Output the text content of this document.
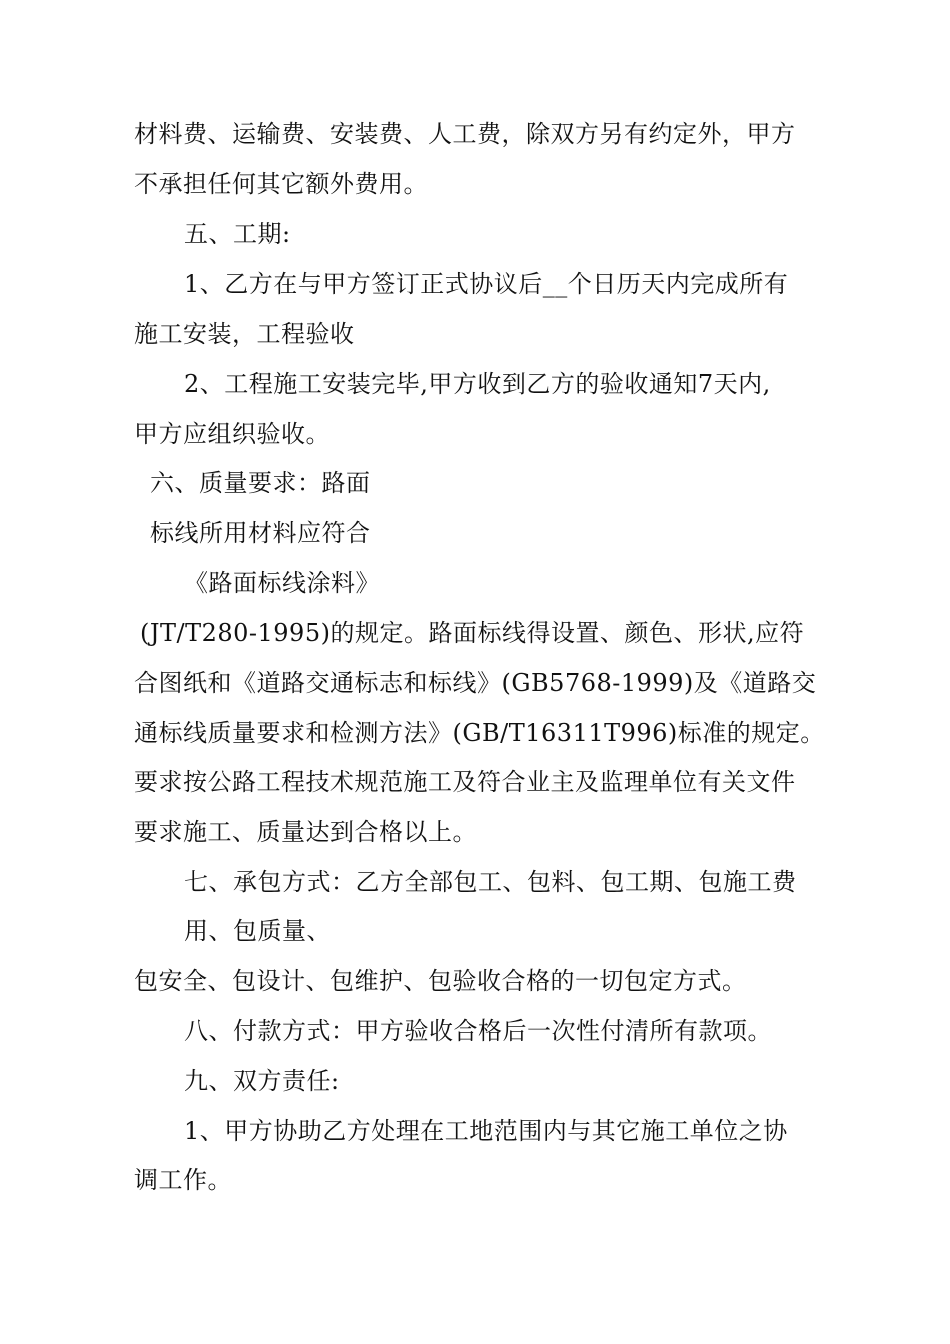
材料费、运输费、安装费、人工费，除双方另有约定外，甲方
不承担任何其它额外费用。
五、工期:
1、乙方在与甲方签订正式协议后__个日历天内完成所有
施工安装，工程验收
2、工程施工安装完毕,甲方收到乙方的验收通知7天内,
甲方应组织验收。
六、质量要求：路面
标线所用材料应符合
《路面标线涂料》
(JT/T280-1995)的规定。路面标线得设置、颜色、形状,应符
合图纸和《道路交通标志和标线》(GB5768-1999)及《道路交
通标线质量要求和检测方法》(GB/T16311T996)标准的规定。
要求按公路工程技术规范施工及符合业主及监理单位有关文件
要求施工、质量达到合格以上。
七、承包方式：乙方全部包工、包料、包工期、包施工费
用、包质量、
包安全、包设计、包维护、包验收合格的一切包定方式。
八、付款方式：甲方验收合格后一次性付清所有款项。
九、双方责任:
1、甲方协助乙方处理在工地范围内与其它施工单位之协
调工作。
